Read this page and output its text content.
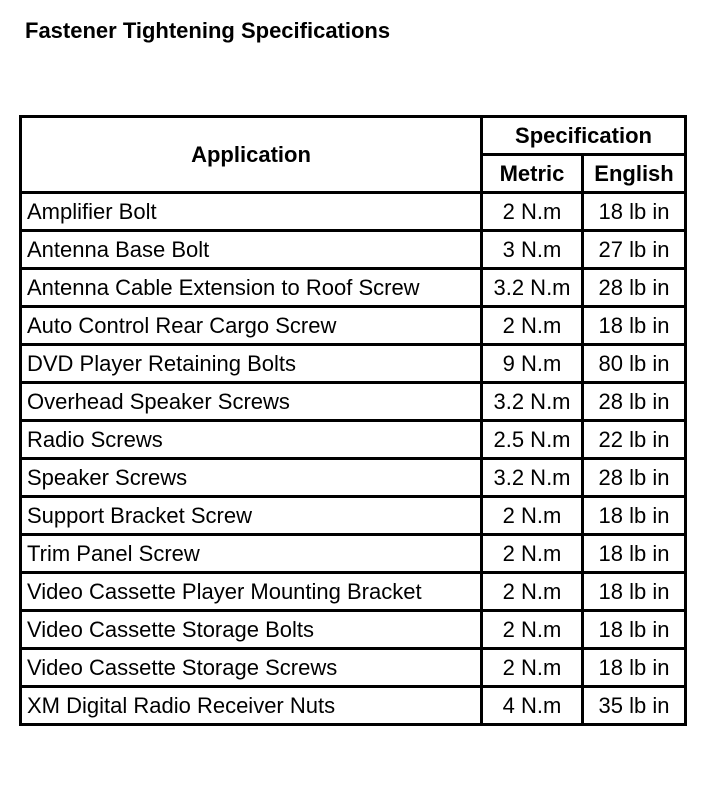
Fastener Tightening Specifications
Application	Specification	
	Metric	English
Amplifier Bolt	2 N.m	18 lb in
Antenna Base Bolt	3 N.m	27 lb in
Antenna Cable Extension to Roof Screw	3.2 N.m	28 lb in
Auto Control Rear Cargo Screw	2 N.m	18 lb in
DVD Player Retaining Bolts	9 N.m	80 lb in
Overhead Speaker Screws	3.2 N.m	28 lb in
Radio Screws	2.5 N.m	22 lb in
Speaker Screws	3.2 N.m	28 lb in
Support Bracket Screw	2 N.m	18 lb in
Trim Panel Screw	2 N.m	18 lb in
Video Cassette Player Mounting Bracket	2 N.m	18 lb in
Video Cassette Storage Bolts	2 N.m	18 lb in
Video Cassette Storage Screws	2 N.m	18 lb in
XM Digital Radio Receiver Nuts	4 N.m	35 lb in
